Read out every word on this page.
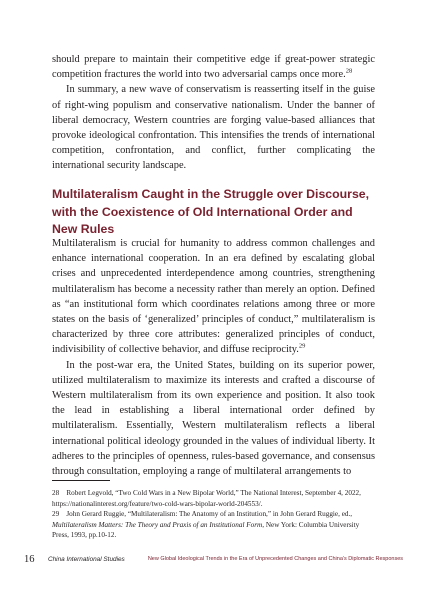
should prepare to maintain their competitive edge if great-power strategic competition fractures the world into two adversarial camps once more.$^{28}$

In summary, a new wave of conservatism is reasserting itself in the guise of right-wing populism and conservative nationalism. Under the banner of liberal democracy, Western countries are forging value-based alliances that provoke ideological confrontation. This intensifies the trends of international competition, confrontation, and conflict, further complicating the international security landscape.

Multilateralism Caught in the Struggle over Discourse, with the Coexistence of Old International Order and New Rules

Multilateralism is crucial for humanity to address common challenges and enhance international cooperation. In an era defined by escalating global crises and unprecedented interdependence among countries, strengthening multilateralism has become a necessity rather than merely an option. Defined as “an institutional form which coordinates relations among three or more states on the basis of ‘generalized’ principles of conduct,” multilateralism is characterized by three core attributes: generalized principles of conduct, indivisibility of collective behavior, and diffuse reciprocity.$^{29}$

In the post-war era, the United States, building on its superior power, utilized multilateralism to maximize its interests and crafted a discourse of Western multilateralism from its own experience and position. It also took the lead in establishing a liberal international order defined by multilateralism. Essentially, Western multilateralism reflects a liberal international political ideology grounded in the values of individual liberty. It adheres to the principles of openness, rules-based governance, and consensus through consultation, employing a range of multilateral arrangements to

28　Robert Legvold, “Two Cold Wars in a New Bipolar World,” The National Interest, September 4, 2022, https://nationalinterest.org/feature/two-cold-wars-bipolar-world-204553/.

29　John Gerard Ruggie, “Multilateralism: The Anatomy of an Institution,” in John Gerard Ruggie, ed., Multilateralism Matters: The Theory and Praxis of an Institutional Form, New York: Columbia University Press, 1993, pp.10-12.

16 China International Studies	New Global Ideological Trends in the Era of Unprecedented Changes and China’s Diplomatic Responses
